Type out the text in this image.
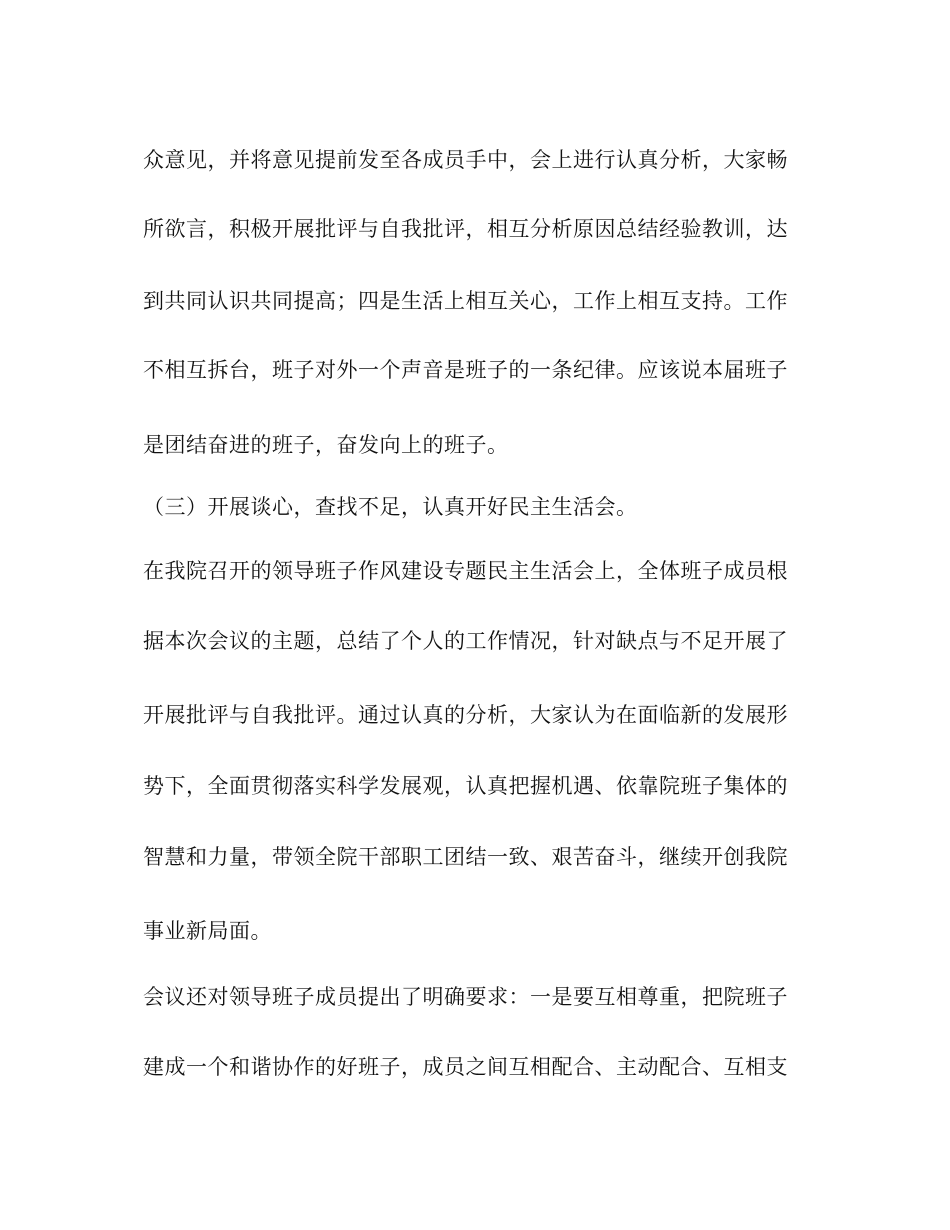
众意见，并将意见提前发至各成员手中，会上进行认真分析，大家畅
所欲言，积极开展批评与自我批评，相互分析原因总结经验教训，达
到共同认识共同提高；四是生活上相互关心，工作上相互支持。工作
不相互拆台，班子对外一个声音是班子的一条纪律。应该说本届班子
是团结奋进的班子，奋发向上的班子。
（三）开展谈心，查找不足，认真开好民主生活会。
在我院召开的领导班子作风建设专题民主生活会上，全体班子成员根
据本次会议的主题，总结了个人的工作情况，针对缺点与不足开展了
开展批评与自我批评。通过认真的分析，大家认为在面临新的发展形
势下，全面贯彻落实科学发展观，认真把握机遇、依靠院班子集体的
智慧和力量，带领全院干部职工团结一致、艰苦奋斗，继续开创我院
事业新局面。
会议还对领导班子成员提出了明确要求：一是要互相尊重，把院班子
建成一个和谐协作的好班子，成员之间互相配合、主动配合、互相支
